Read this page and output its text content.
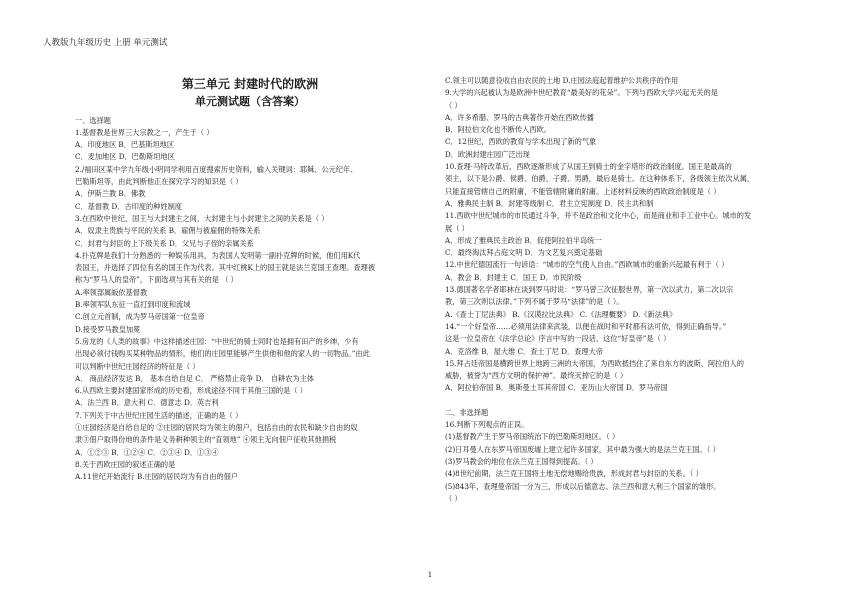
人教版九年级历史 上册 单元测试
第三单元 封建时代的欧洲
单元测试题（含答案）
一、选择题
1.基督教是世界三大宗教之一，产生于（ ）
A．印度地区 B．巴基斯坦地区
C．麦加地区 D．巴勒斯坦地区
2./福田区某中学九年级小明同学利用百度搜索历史资料，输入关键词：耶稣、公元纪年、
巴勒斯坦等，由此判断他正在探究学习的知识是（ ）
A．伊斯兰教 B．佛教
C．基督教 D．古印度的种姓制度
3.在西欧中世纪，国王与大封建主之间，大封建主与小封建主之间的关系是（ ）
A．奴隶主贵族与平民的关系 B．雇佣与被雇佣的特殊关系
C．封君与封臣的上下级关系 D．父兄与子侄的亲属关系
4.扑克牌是我们十分熟悉的一种娱乐用具，为表国人发明第一副扑克牌的时候，他们用K代
表国王，并选择了四位有名的国王作为代表。其中红桃K上的国王就是法兰克国王查理。查理被
称为“罗马人的皇帝”，下面选项与其有关的是 （ ）
A.率领部属皈依基督教
B.率领军队东征一直打到印度和流域
C.创立元首制，成为罗马帝国第一位皇帝
D.接受罗马教皇加冕
5.房龙的《人类的故事》中这样描述庄园：“中世纪的骑士同时也是拥有田产的乡绅，少有
出现必须付钱购买某种物品的情形，他们的庄园里能够产生供他和他的家人的一切物品。”由此
可以判断中世纪庄园经济的特征是（ ）
A． 商品经济发达 B． 基本自给自足 C． 严格禁止竞争 D． 自耕农为主体
6.从西欧主要封建国家形成的历史看，形成途径不同于其他三国的是（ ）
A．法兰西 B．意大利 C．德意志 D．英吉利
7.下列关于中古世纪庄园生活的描述，正确的是（ ）
①庄园经济是自给自足的 ②庄园的居民均为领主的佃户，包括自由的农民和缺少自由的奴
隶③佃户取得份地的条件是义务耕种领主的“直领地” ④领主无向佃户征收其他捐税
A．①②③ B．①②④ C．②③④ D．①③④
8.关于西欧庄园的叙述正确的是
A.11世纪开始流行 B.庄园的居民均为有自由的佃户
C.领主可以随意役收自由农民的土地 D.庄园法庭起着维护公共秩序的作用
9.大学的兴起被认为是欧洲中世纪教育“最美好的花朵”。下列与西欧大学兴起无关的是
（ ）
A．许多希腊、罗马的古典著作开始在西欧传播
B．阿拉伯文化也不断传入西欧。
C．12世纪，西欧的教育与学术出现了新的气象
D．欧洲封建庄园广泛出现
10.查理·马特改革后，西欧逐渐形成了从国王到骑士的金字塔形的政治制度。国王是最高的
领主，以下是公爵、侯爵、伯爵、子爵、男爵，最后是骑士。在这种体系下，各级领主依次从属，
只能直接管辖自己的附庸，不能管辖附庸的附庸。上述材料反映的西欧政治制度是（ ）
A．雅典民主制 B．封建等级制 C．君主立宪制度 D．民主共和制
11.西欧中世纪城市的市民通过斗争，并不是政治和文化中心，而是商业和手工业中心。城市的发
展（ ）
A．形成了雅典民主政治 B．促使阿拉伯半岛统一
C．最终淘汰拜占庭文明 D．为文艺复兴奠定基础
12.中世纪德国流行一句谚语：“城市的空气使人自由。”西欧城市的重新兴起最有利于（ ）
A．教会 B．封建主 C．国王 D．市民阶级
13.德国著名学者耶林在谈到罗马时说：“罗马曾三次征服世界，第一次以武力，第二次以宗
教，第三次则以法律。”下列不属于罗马“法律”的是（ ）。
A.《查士丁尼法典》 B.《汉谟拉比法典》 C.《法理概要》 D.《新法典》
14.“一个好皇帝……必须用法律来武装，以便在战时和平时都有法可依，得到正确指导。”
这是一位皇帝在《法学总论》序言中写的一段话，这位“好皇帝”是（ ）
A．克洛维 B．屋大维 C．查士丁尼 D．查理大帝
15.拜占廷帝国是横跨世界上地跨三洲的大帝国，为西欧抵挡住了来自东方的波斯、阿拉伯人的
威胁，被誉为“西方文明的保护神”。最终灭掉它的是（ ）
A．阿拉伯帝国 B．奥斯曼土耳其帝国 C．亚历山大帝国 D．罗马帝国
二、非选择题
16.判断下列观点的正误。
(1)基督教产生于罗马帝国统治下的巴勒斯坦地区。（ ）
(2)日耳曼人在东罗马帝国废墟上建立起许多国家，其中最为强大的是法兰克王国。（ ）
(3)罗马教会的地位在法兰克王国得到提高。（ ）
(4)8世纪前期，法兰克王国将土地无偿地赐给贵族，形成封君与封臣的关系。（ ）
(5)843年，查理曼帝国一分为三，形成以后德意志、法兰西和意大利三个国家的雏形。
（ ）
1
